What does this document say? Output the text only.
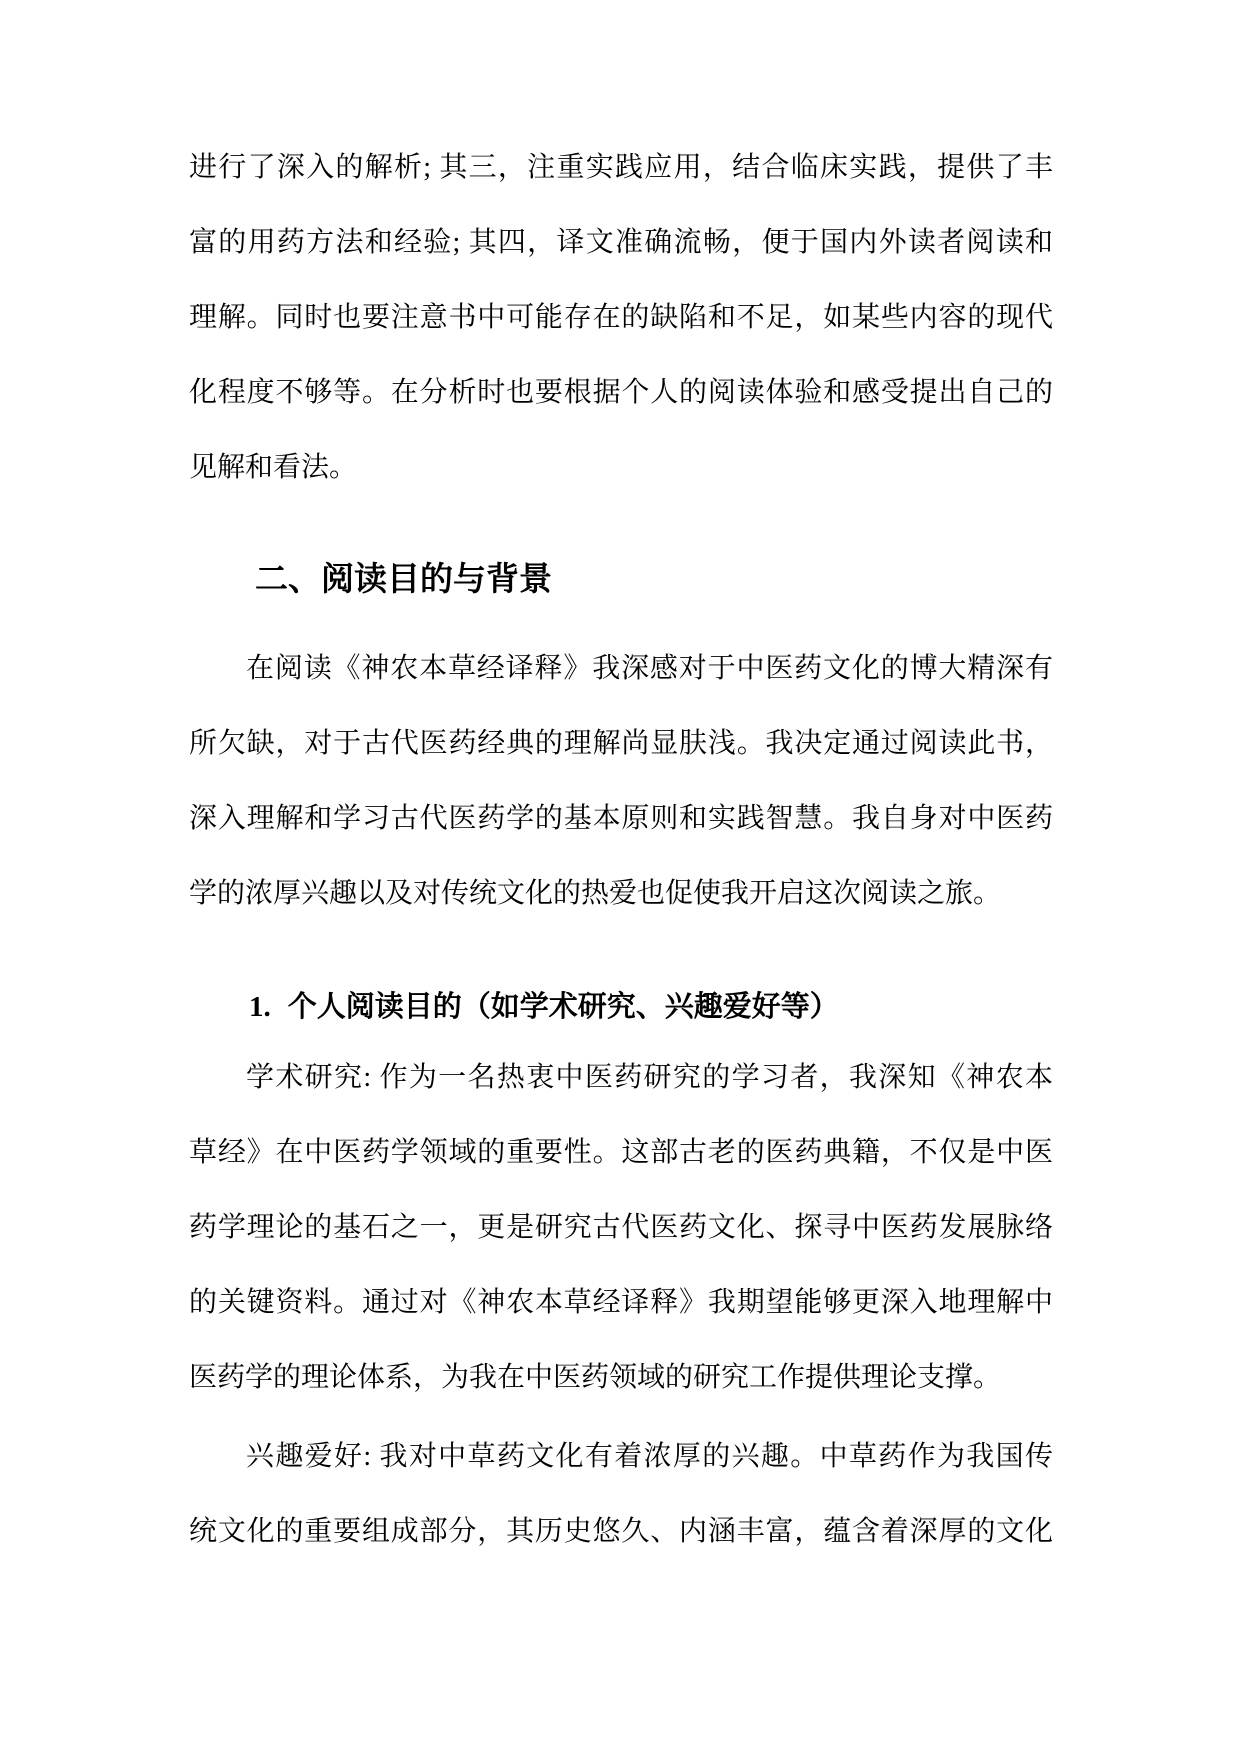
进行了深入的解析; 其三，注重实践应用，结合临床实践，提供了丰
富的用药方法和经验; 其四，译文准确流畅，便于国内外读者阅读和
理解。同时也要注意书中可能存在的缺陷和不足，如某些内容的现代
化程度不够等。在分析时也要根据个人的阅读体验和感受提出自己的
见解和看法。
二、阅读目的与背景
在阅读《神农本草经译释》我深感对于中医药文化的博大精深有
所欠缺，对于古代医药经典的理解尚显肤浅。我决定通过阅读此书，
深入理解和学习古代医药学的基本原则和实践智慧。我自身对中医药
学的浓厚兴趣以及对传统文化的热爱也促使我开启这次阅读之旅。
1. 个人阅读目的（如学术研究、兴趣爱好等）
学术研究: 作为一名热衷中医药研究的学习者，我深知《神农本
草经》在中医药学领域的重要性。这部古老的医药典籍，不仅是中医
药学理论的基石之一，更是研究古代医药文化、探寻中医药发展脉络
的关键资料。通过对《神农本草经译释》我期望能够更深入地理解中
医药学的理论体系，为我在中医药领域的研究工作提供理论支撑。
兴趣爱好: 我对中草药文化有着浓厚的兴趣。中草药作为我国传
统文化的重要组成部分，其历史悠久、内涵丰富，蕴含着深厚的文化
